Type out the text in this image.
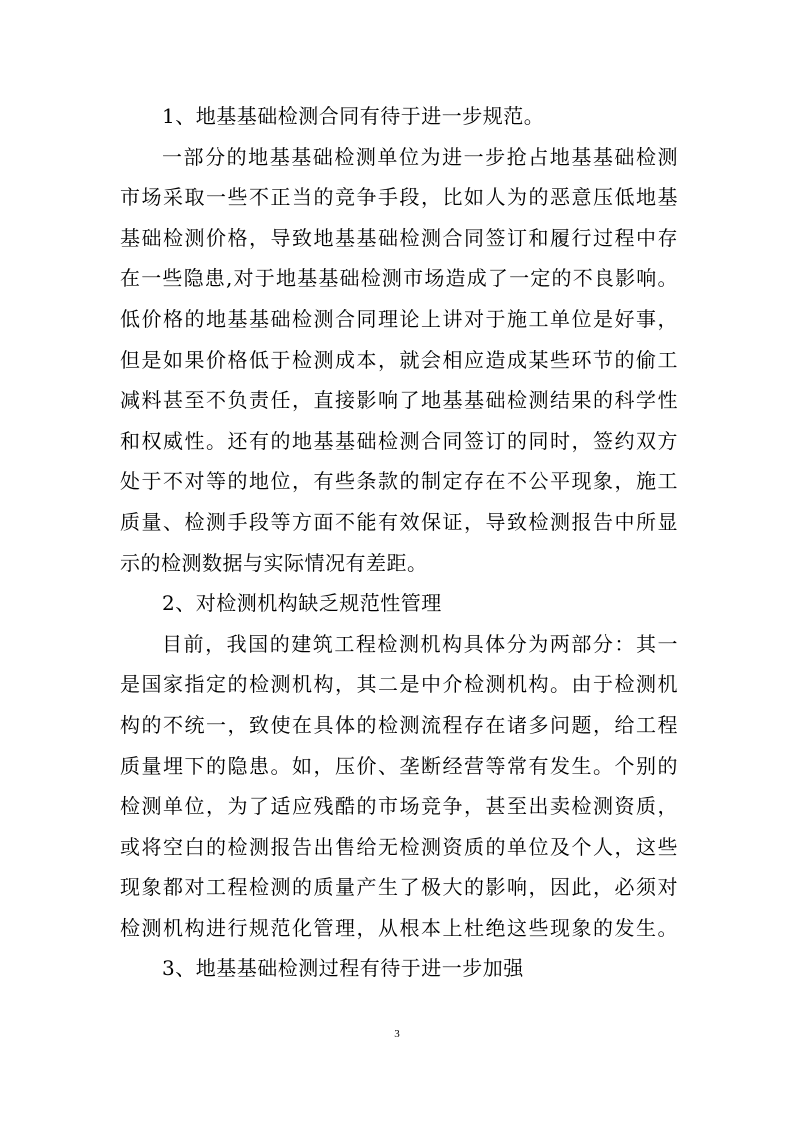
1、地基基础检测合同有待于进一步规范。
一部分的地基基础检测单位为进一步抢占地基基础检测
市场采取一些不正当的竞争手段，比如人为的恶意压低地基
基础检测价格，导致地基基础检测合同签订和履行过程中存
在一些隐患,对于地基基础检测市场造成了一定的不良影响。
低价格的地基基础检测合同理论上讲对于施工单位是好事，
但是如果价格低于检测成本，就会相应造成某些环节的偷工
减料甚至不负责任，直接影响了地基基础检测结果的科学性
和权威性。还有的地基基础检测合同签订的同时，签约双方
处于不对等的地位，有些条款的制定存在不公平现象，施工
质量、检测手段等方面不能有效保证，导致检测报告中所显
示的检测数据与实际情况有差距。
2、对检测机构缺乏规范性管理
目前，我国的建筑工程检测机构具体分为两部分：其一
是国家指定的检测机构，其二是中介检测机构。由于检测机
构的不统一，致使在具体的检测流程存在诸多问题，给工程
质量埋下的隐患。如，压价、垄断经营等常有发生。个别的
检测单位，为了适应残酷的市场竞争，甚至出卖检测资质，
或将空白的检测报告出售给无检测资质的单位及个人，这些
现象都对工程检测的质量产生了极大的影响，因此，必须对
检测机构进行规范化管理，从根本上杜绝这些现象的发生。
3、地基基础检测过程有待于进一步加强
3
